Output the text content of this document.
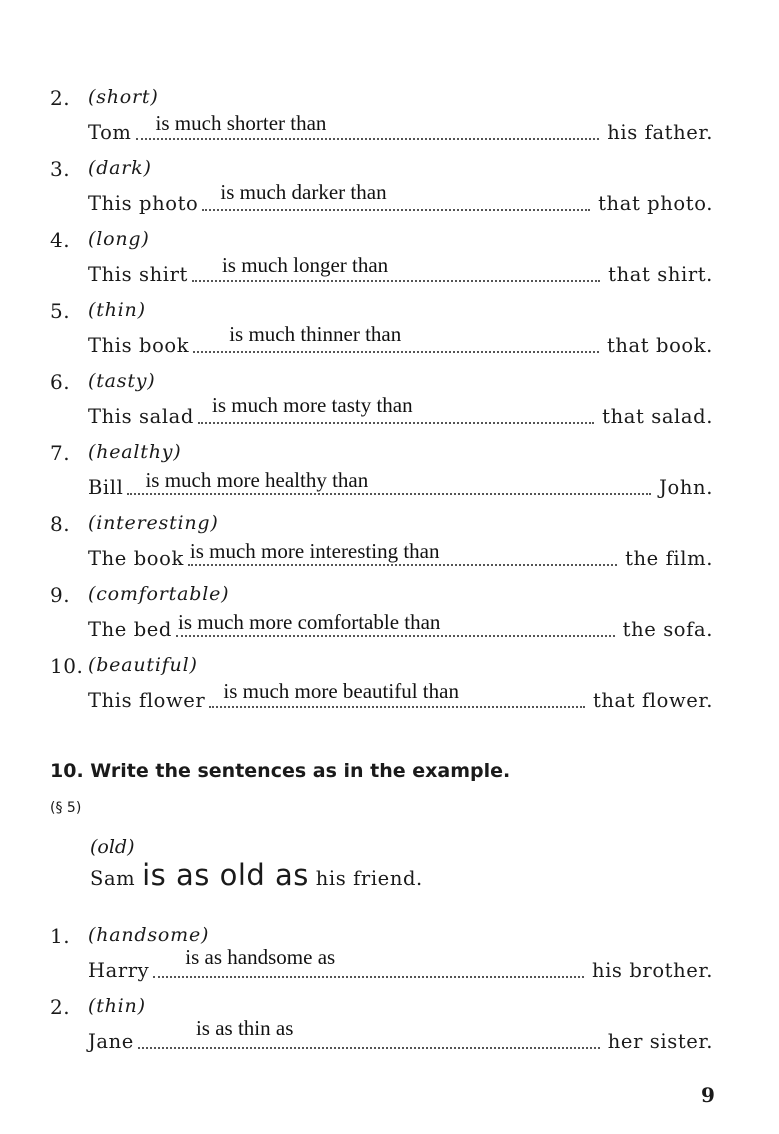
2. (short)
Tom is much shorter than	his father.
3. (dark)
This photo is much darker than	that photo.
4. (long)
This shirt is much longer than	that shirt.
5. (thin)
This book is much thinner than	that book.
6. (tasty)
This salad is much more tasty than	that salad.
7. (healthy)
Bill is much more healthy than	John.
8. (interesting)
The book is much more interesting than	the film.
9. (comfortable)
The bed is much more comfortable than	the sofa.
10. (beautiful)
This flower is much more beautiful than	that flower.
10. Write the sentences as in the example.
(§ 5)
(old)
Sam is as old as his friend.
1. (handsome)
Harry
is as handsome as
his brother.
2. (thin)
Jane
is as thin as
her sister.
9
